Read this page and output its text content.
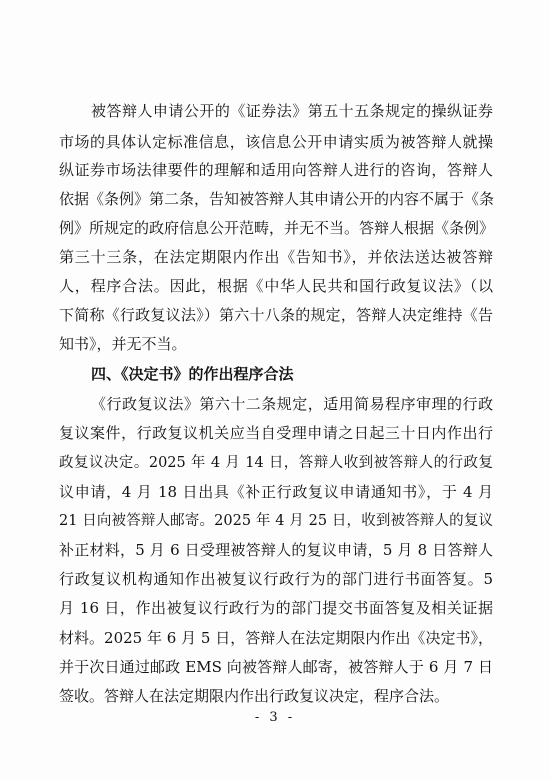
被答辩人申请公开的《证券法》第五十五条规定的操纵证券
市场的具体认定标准信息，该信息公开申请实质为被答辩人就操
纵证券市场法律要件的理解和适用向答辩人进行的咨询，答辩人
依据《条例》第二条，告知被答辩人其申请公开的内容不属于《条
例》所规定的政府信息公开范畴，并无不当。答辩人根据《条例》
第三十三条，在法定期限内作出《告知书》，并依法送达被答辩
人，程序合法。因此，根据《中华人民共和国行政复议法》（以
下简称《行政复议法》）第六十八条的规定，答辩人决定维持《告
知书》，并无不当。
四、《决定书》的作出程序合法
《行政复议法》第六十二条规定，适用简易程序审理的行政
复议案件，行政复议机关应当自受理申请之日起三十日内作出行
政复议决定。2025 年 4 月 14 日，答辩人收到被答辩人的行政复
议申请，4 月 18 日出具《补正行政复议申请通知书》，于 4 月
21 日向被答辩人邮寄。2025 年 4 月 25 日，收到被答辩人的复议
补正材料，5 月 6 日受理被答辩人的复议申请，5 月 8 日答辩人
行政复议机构通知作出被复议行政行为的部门进行书面答复。5
月 16 日，作出被复议行政行为的部门提交书面答复及相关证据
材料。2025 年 6 月 5 日，答辩人在法定期限内作出《决定书》，
并于次日通过邮政 EMS 向被答辩人邮寄，被答辩人于 6 月 7 日
签收。答辩人在法定期限内作出行政复议决定，程序合法。
- 3 -
